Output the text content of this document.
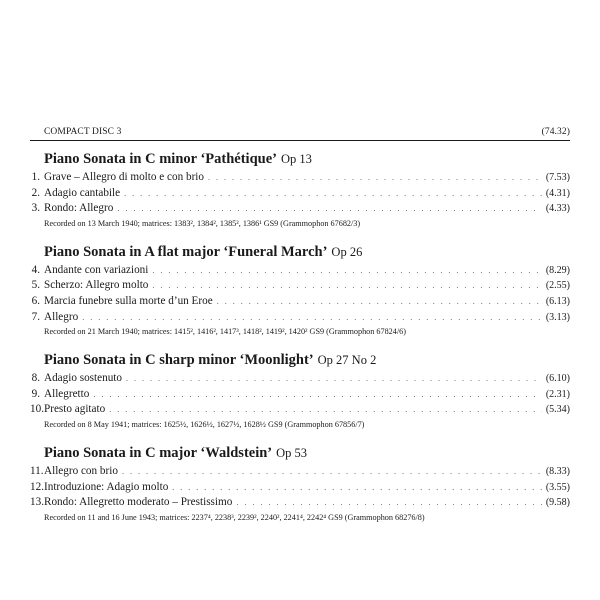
COMPACT DISC 3	(74.32)
Piano Sonata in C minor ‘Pathétique’ Op 13
1. Grave – Allegro di molto e con brio . . .	(7.53)
2. Adagio cantabile . . .	(4.31)
3. Rondo: Allegro . . .	(4.33)
Recorded on 13 March 1940; matrices: 1383², 1384², 1385², 1386¹ GS9 (Grammophon 67682/3)
Piano Sonata in A flat major ‘Funeral March’ Op 26
4. Andante con variazioni . . .	(8.29)
5. Scherzo: Allegro molto . . .	(2.55)
6. Marcia funebre sulla morte d’un Eroe . . .	(6.13)
7. Allegro . . .	(3.13)
Recorded on 21 March 1940; matrices: 1415², 1416², 1417³, 1418², 1419², 1420² GS9 (Grammophon 67824/6)
Piano Sonata in C sharp minor ‘Moonlight’ Op 27 No 2
8. Adagio sostenuto . . .	(6.10)
9. Allegretto . . .	(2.31)
10. Presto agitato . . .	(5.34)
Recorded on 8 May 1941; matrices: 1625½, 1626½, 1627½, 1628½ GS9 (Grammophon 67856/7)
Piano Sonata in C major ‘Waldstein’ Op 53
11. Allegro con brio . . .	(8.33)
12. Introduzione: Adagio molto . . .	(3.55)
13. Rondo: Allegretto moderato – Prestissimo . . .	(9.58)
Recorded on 11 and 16 June 1943; matrices: 2237⁴, 2238³, 2239², 2240², 2241⁴, 2242⁴ GS9 (Grammophon 68276/8)
